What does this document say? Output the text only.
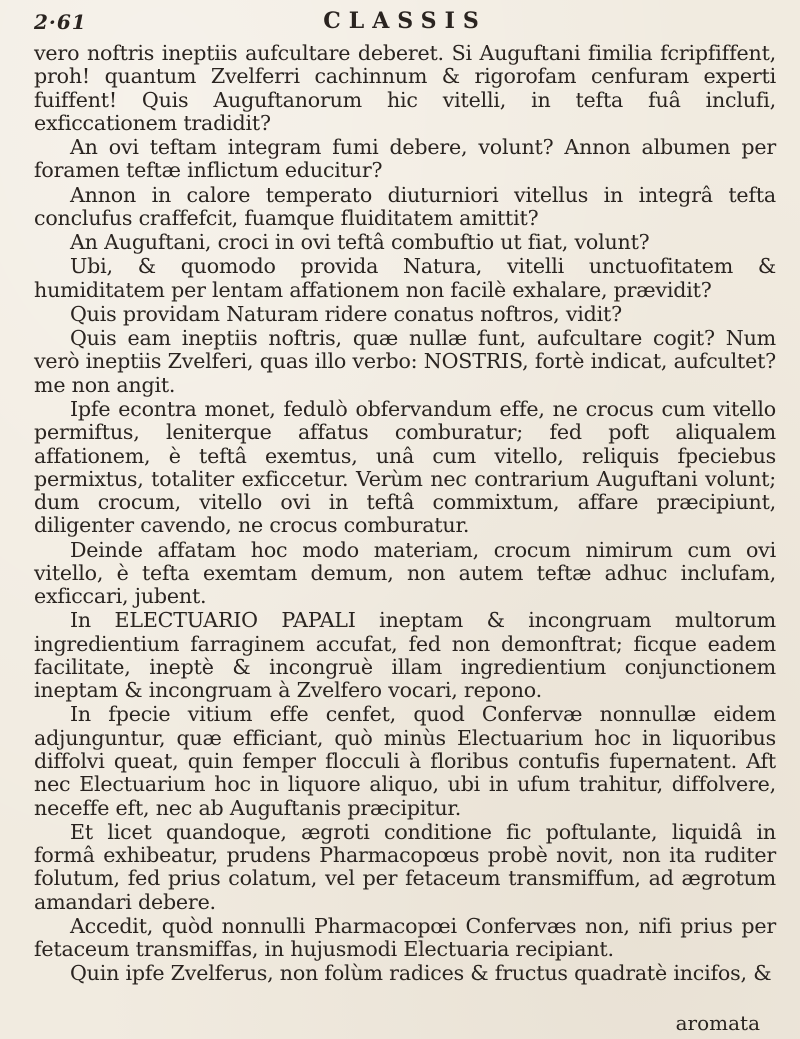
2·61	CLASSIS

vero noftris ineptiis aufcultare deberet. Si Auguftani fimilia fcripfiffent, proh! quantum Zvelferri cachinnum & rigorofam cenfuram experti fuiffent! Quis Auguftanorum hic vitelli, in tefta fuâ inclufi, exficcationem tradidit?

An ovi teftam integram fumi debere, volunt? Annon albumen per foramen teftæ inflictum educitur?

Annon in calore temperato diuturniori vitellus in integrâ tefta conclufus craffefcit, fuamque fluiditatem amittit?

An Auguftani, croci in ovi teftâ combuftio ut fiat, volunt?

Ubi, & quomodo provida Natura, vitelli unctuofitatem & humiditatem per lentam affationem non facilè exhalare, prævidit?

Quis providam Naturam ridere conatus noftros, vidit?

Quis eam ineptiis noftris, quæ nullæ funt, aufcultare cogit? Num verò ineptiis Zvelferi, quas illo verbo: NOSTRIS, fortè indicat, aufcultet? me non angit.

Ipfe econtra monet, fedulò obfervandum effe, ne crocus cum vitello permiftus, leniterque affatus comburatur; fed poft aliqualem affationem, è teftâ exemtus, unâ cum vitello, reliquis fpeciebus permixtus, totaliter exficcetur. Verùm nec contrarium Auguftani volunt; dum crocum, vitello ovi in teftâ commixtum, affare præcipiunt, diligenter cavendo, ne crocus comburatur.

Deinde affatam hoc modo materiam, crocum nimirum cum ovi vitello, è tefta exemtam demum, non autem teftæ adhuc inclufam, exficcari, jubent.

In ELECTUARIO PAPALI ineptam & incongruam multorum ingredientium farraginem accufat, fed non demonftrat; ficque eadem facilitate, ineptè & incongruè illam ingredientium conjunctionem ineptam & incongruam à Zvelfero vocari, repono.

In fpecie vitium effe cenfet, quod Confervæ nonnullæ eidem adjunguntur, quæ efficiant, quò minùs Electuarium hoc in liquoribus diffolvi queat, quin femper flocculi à floribus contufis fupernatent. Aft nec Electuarium hoc in liquore aliquo, ubi in ufum trahitur, diffolvere, neceffe eft, nec ab Auguftanis præcipitur.

Et licet quandoque, ægroti conditione fic poftulante, liquidâ in formâ exhibeatur, prudens Pharmacopœus probè novit, non ita ruditer folutum, fed prius colatum, vel per fetaceum transmiffum, ad ægrotum amandari debere.

Accedit, quòd nonnulli Pharmacopœi Confervæs non, nifi prius per fetaceum transmiffas, in hujusmodi Electuaria recipiant.

Quin ipfe Zvelferus, non folùm radices & fructus quadratè incifos, &

aromata
